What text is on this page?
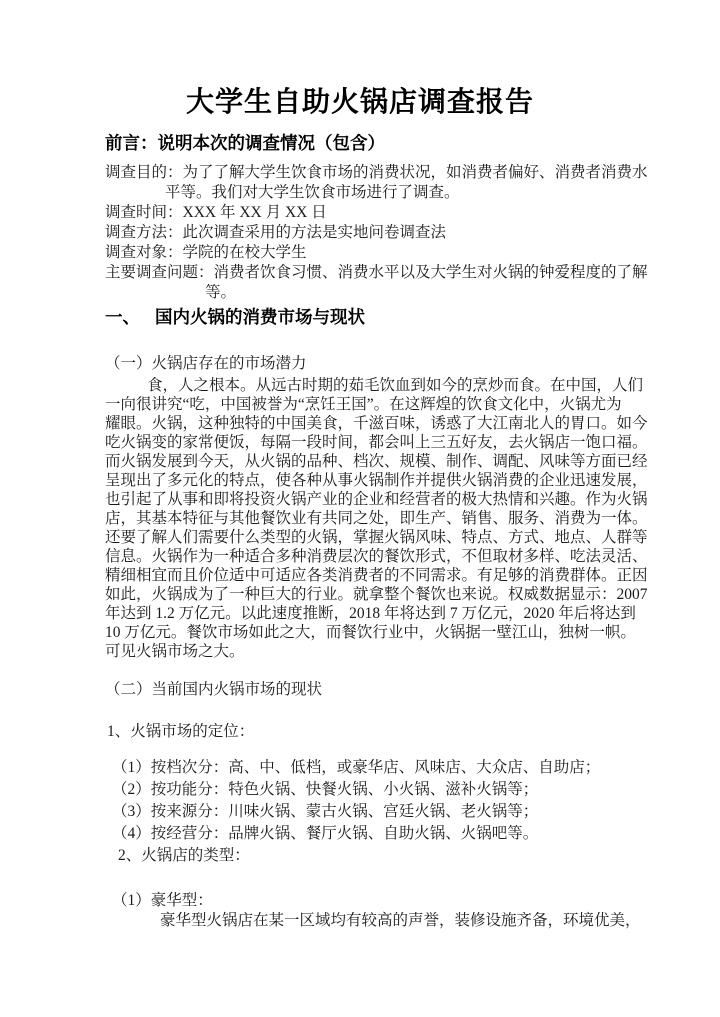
大学生自助火锅店调查报告
前言：说明本次的调查情况（包含）
调查目的：为了了解大学生饮食市场的消费状况，如消费者偏好、消费者消费水
平等。我们对大学生饮食市场进行了调查。
调查时间：XXX 年 XX 月 XX 日
调查方法：此次调查采用的方法是实地问卷调查法
调查对象：学院的在校大学生
主要调查问题：消费者饮食习惯、消费水平以及大学生对火锅的钟爱程度的了解
等。
一、 国内火锅的消费市场与现状
（一）火锅店存在的市场潜力
食，人之根本。从远古时期的茹毛饮血到如今的烹炒而食。在中国，人们
一向很讲究“吃，中国被誉为“烹饪王国”。在这辉煌的饮食文化中，火锅尤为
耀眼。火锅，这种独特的中国美食，千滋百味，诱惑了大江南北人的胃口。如今
吃火锅变的家常便饭，每隔一段时间，都会叫上三五好友，去火锅店一饱口福。
而火锅发展到今天，从火锅的品种、档次、规模、制作、调配、风味等方面已经
呈现出了多元化的特点，使各种从事火锅制作并提供火锅消费的企业迅速发展，
也引起了从事和即将投资火锅产业的企业和经营者的极大热情和兴趣。作为火锅
店，其基本特征与其他餐饮业有共同之处，即生产、销售、服务、消费为一体。
还要了解人们需要什么类型的火锅，掌握火锅风味、特点、方式、地点、人群等
信息。火锅作为一种适合多种消费层次的餐饮形式，不但取材多样、吃法灵活、
精细相宜而且价位适中可适应各类消费者的不同需求。有足够的消费群体。正因
如此，火锅成为了一种巨大的行业。就拿整个餐饮也来说。权威数据显示：2007
年达到 1.2 万亿元。以此速度推断，2018 年将达到 7 万亿元，2020 年后将达到
10 万亿元。餐饮市场如此之大，而餐饮行业中，火锅据一壁江山，独树一帜。
可见火锅市场之大。
（二）当前国内火锅市场的现状
1、火锅市场的定位：
（1）按档次分：高、中、低档，或豪华店、风味店、大众店、自助店；
（2）按功能分：特色火锅、快餐火锅、小火锅、滋补火锅等；
（3）按来源分：川味火锅、蒙古火锅、宫廷火锅、老火锅等；
（4）按经营分：品牌火锅、餐厅火锅、自助火锅、火锅吧等。
2、火锅店的类型：
（1）豪华型：
豪华型火锅店在某一区域均有较高的声誉，装修设施齐备，环境优美，
